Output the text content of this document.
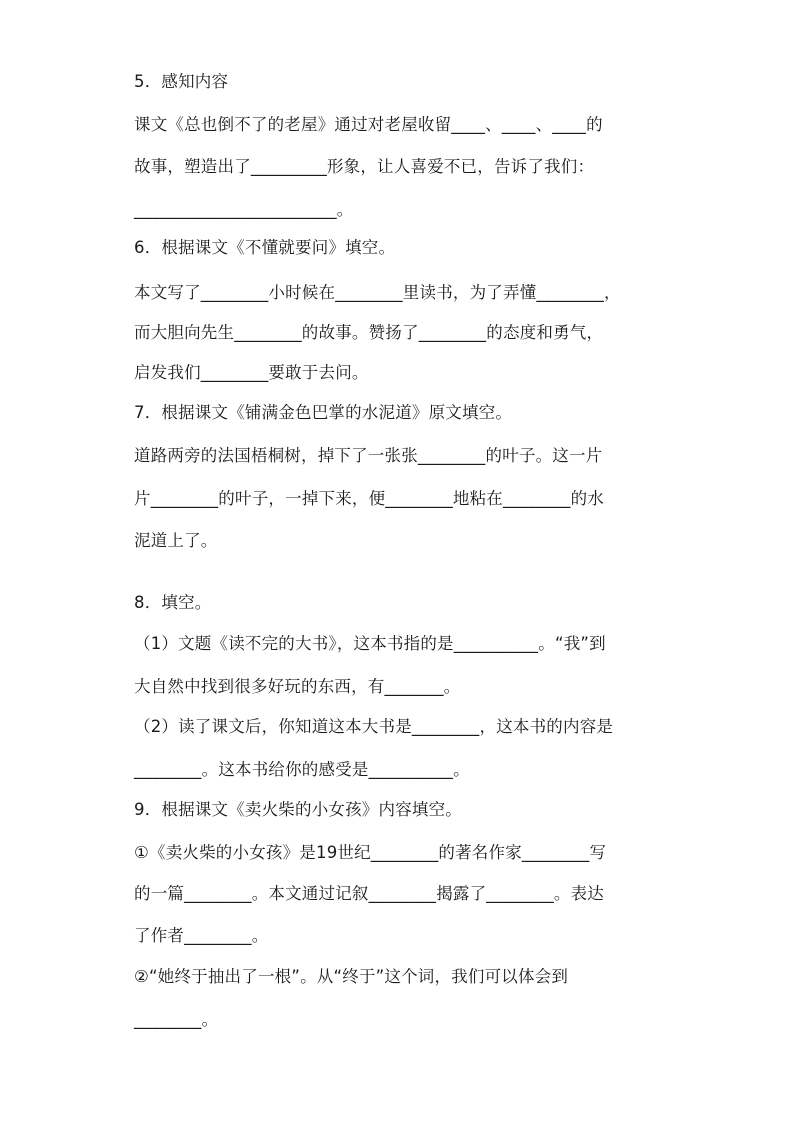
5．感知内容
课文《总也倒不了的老屋》通过对老屋收留____、____、____的
故事，塑造出了_________形象，让人喜爱不已，告诉了我们：
________________________。
6．根据课文《不懂就要问》填空。
本文写了________小时候在________里读书，为了弄懂________，
而大胆向先生________的故事。赞扬了________的态度和勇气，
启发我们________要敢于去问。
7．根据课文《铺满金色巴掌的水泥道》原文填空。
道路两旁的法国梧桐树，掉下了一张张________的叶子。这一片
片________的叶子，一掉下来，便________地粘在________的水
泥道上了。
8．填空。
（1）文题《读不完的大书》，这本书指的是__________。“我”到
大自然中找到很多好玩的东西，有_______。
（2）读了课文后，你知道这本大书是________，这本书的内容是
________。这本书给你的感受是__________。
9．根据课文《卖火柴的小女孩》内容填空。
①《卖火柴的小女孩》是19世纪________的著名作家________写
的一篇________。本文通过记叙________揭露了________。表达
了作者________。
②“她终于抽出了一根”。从“终于”这个词，我们可以体会到
________。
